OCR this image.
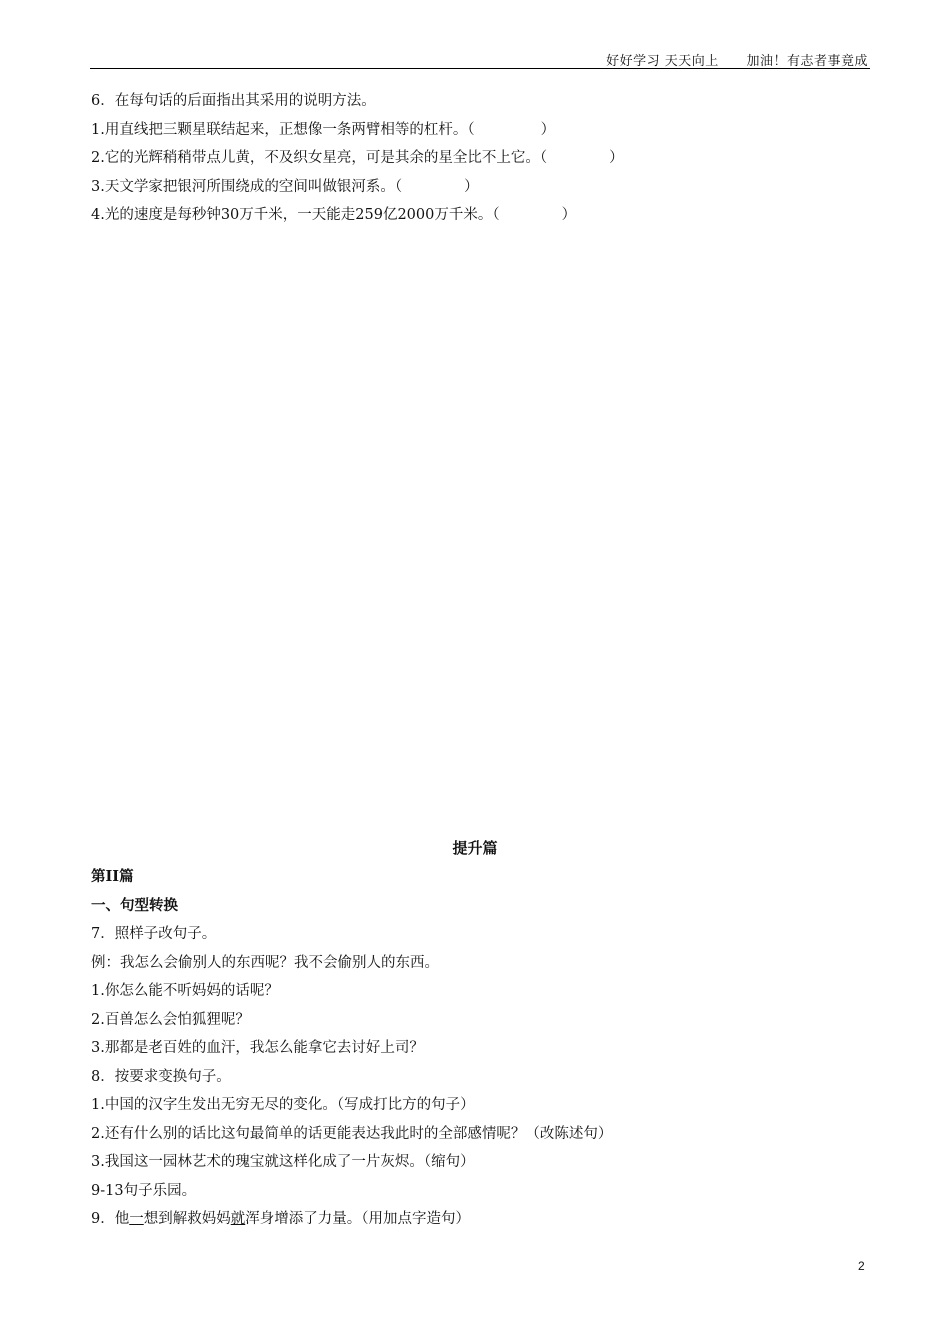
好好学习 天天向上      加油！有志者事竟成
6．在每句话的后面指出其采用的说明方法。
1.用直线把三颗星联结起来，正想像一条两臂相等的杠杆。（	）
2.它的光辉稍稍带点儿黄，不及织女星亮，可是其余的星全比不上它。（	）
3.天文学家把银河所围绕成的空间叫做银河系。（	）
4.光的速度是每秒钟30万千米，一天能走259亿2000万千米。（	）
提升篇
第II篇
一、句型转换
7．照样子改句子。
例：我怎么会偷别人的东西呢？我不会偷别人的东西。
1.你怎么能不听妈妈的话呢？
2.百兽怎么会怕狐狸呢？
3.那都是老百姓的血汗，我怎么能拿它去讨好上司？
8．按要求变换句子。
1.中国的汉字生发出无穷无尽的变化。（写成打比方的句子）
2.还有什么别的话比这句最简单的话更能表达我此时的全部感情呢？（改陈述句）
3.我国这一园林艺术的瑰宝就这样化成了一片灰烬。（缩句）
9-13句子乐园。
9．他一想到解救妈妈就浑身增添了力量。（用加点字造句）
2
